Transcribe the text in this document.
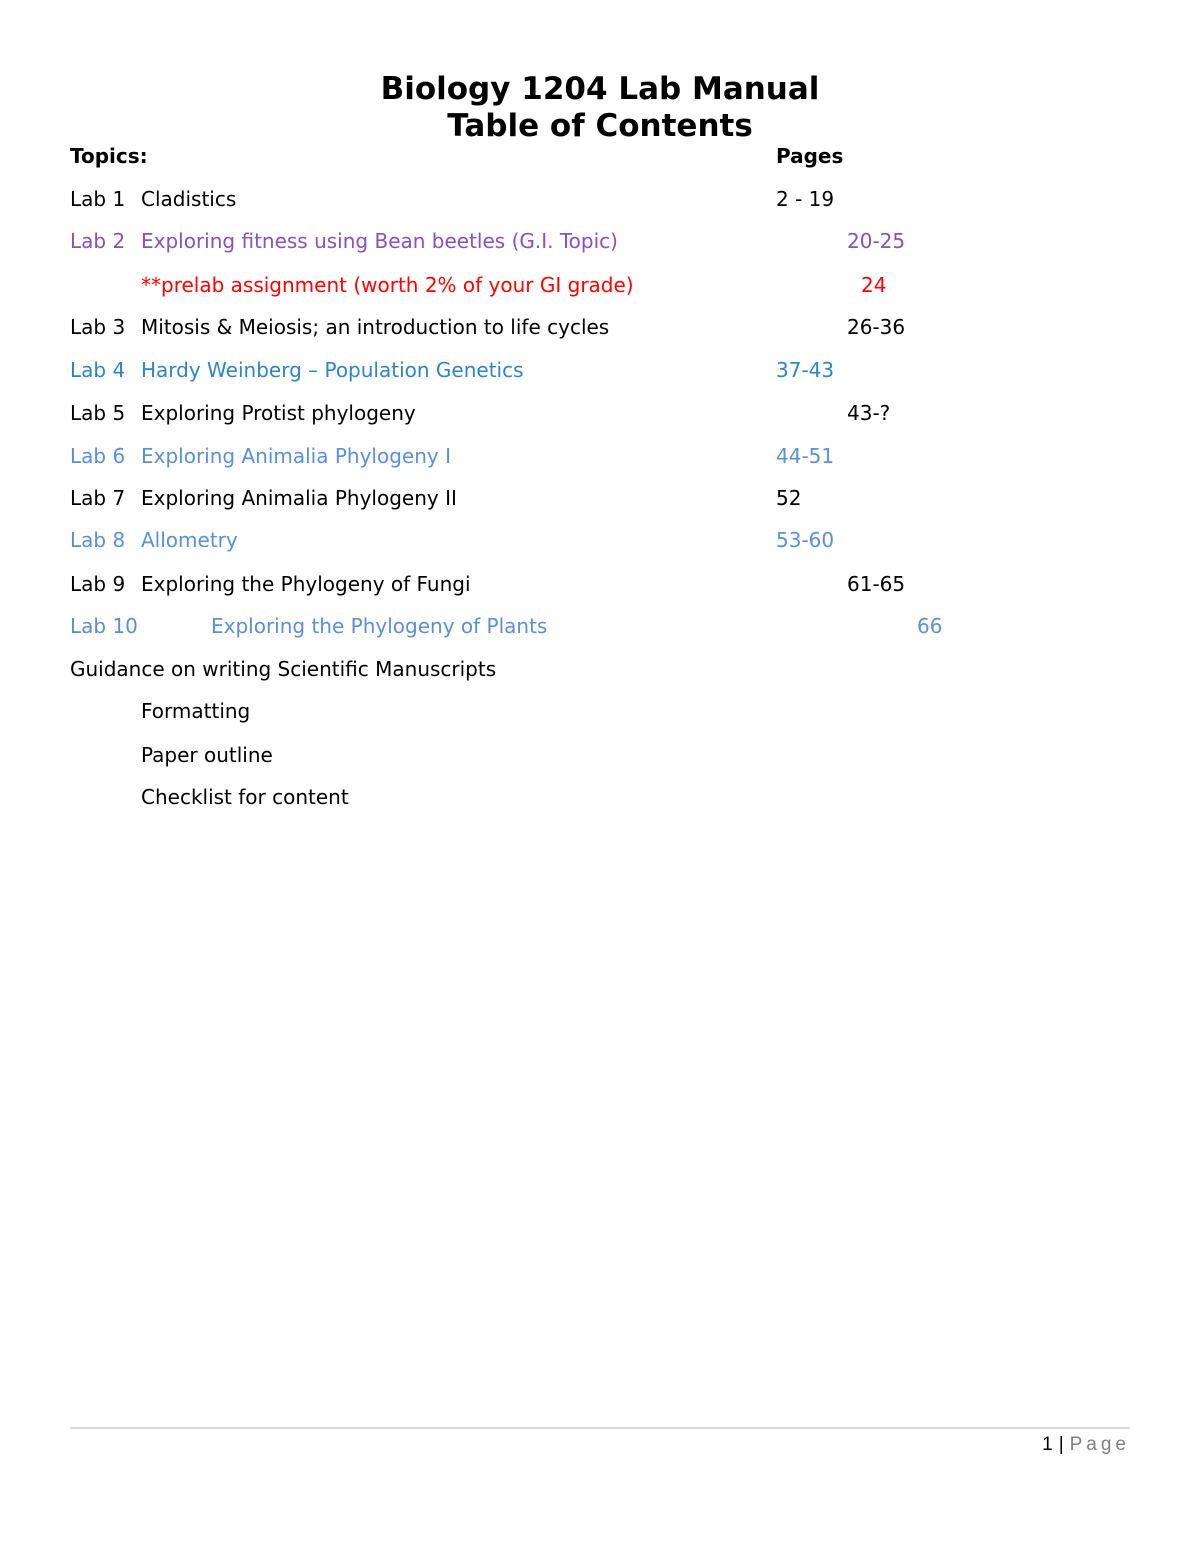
Biology 1204 Lab Manual
Table of Contents
Topics:	Pages
Lab 1 Cladistics	2 - 19
Lab 2 Exploring fitness using Bean beetles (G.I. Topic)	20-25
**prelab assignment (worth 2% of your GI grade)	24
Lab 3 Mitosis & Meiosis; an introduction to life cycles	26-36
Lab 4 Hardy Weinberg – Population Genetics	37-43
Lab 5 Exploring Protist phylogeny	43-?
Lab 6 Exploring Animalia Phylogeny I	44-51
Lab 7 Exploring Animalia Phylogeny II	52
Lab 8 Allometry	53-60
Lab 9 Exploring the Phylogeny of Fungi	61-65
Lab 10	Exploring the Phylogeny of Plants	66
Guidance on writing Scientific Manuscripts
Formatting
Paper outline
Checklist for content
1 | Page
